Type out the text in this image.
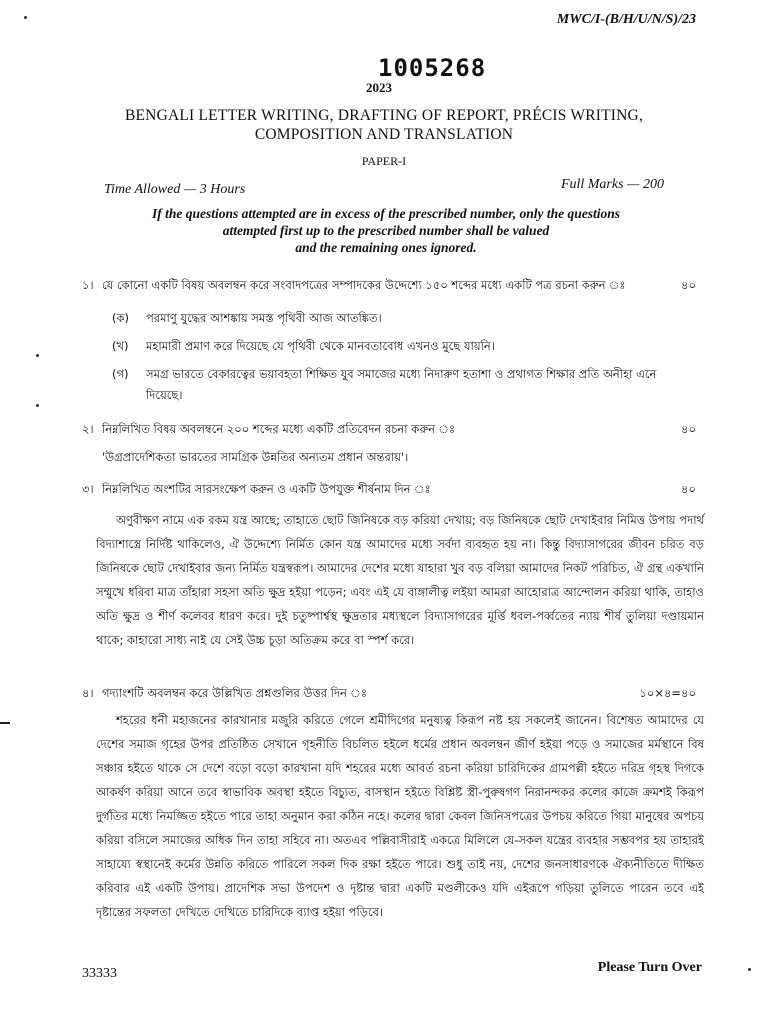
MWC/I-(B/H/U/N/S)/23
1005268
2023
BENGALI LETTER WRITING, DRAFTING OF REPORT, PRÉCIS WRITING,
COMPOSITION AND TRANSLATION
PAPER-I
Time Allowed — 3 Hours	Full Marks — 200
If the questions attempted are in excess of the prescribed number, only the questions
attempted first up to the prescribed number shall be valued
and the remaining ones ignored.
১। যে কোনো একটি বিষয় অবলম্বন করে সংবাদপত্রের সম্পাদকের উদ্দেশ্যে ১৫০ শব্দের মধ্যে একটি পত্র রচনা করুন ঃ	৪০
(ক) পরমাণু যুদ্ধের আশঙ্কায় সমস্ত পৃথিবী আজ আতঙ্কিত।
(খ) মহামারী প্রমাণ করে দিয়েছে যে পৃথিবী থেকে মানবতাবোধ এখনও মুছে যায়নি।
(গ) সমগ্র ভারতে বেকারত্বের ভয়াবহতা শিক্ষিত যুব সমাজের মধ্যে নিদারুণ হতাশা ও প্রথাগত শিক্ষার প্রতি অনীহা এনে
দিয়েছে।
২। নিম্নলিখিত বিষয় অবলম্বনে ২০০ শব্দের মধ্যে একটি প্রতিবেদন রচনা করুন ঃ	৪০
'উগ্রপ্রাদেশিকতা ভারতের সামগ্রিক উন্নতির অন্যতম প্রধান অন্তরায়'।
৩। নিম্নলিখিত অংশটির সারসংক্ষেপ করুন ও একটি উপযুক্ত শীর্ষনাম দিন ঃ	৪০
অণুবীক্ষণ নামে এক রকম যন্ত্র আছে; তাহাতে ছোট জিনিষকে বড় করিয়া দেখায়; বড় জিনিষকে ছোট দেখাইবার নিমিত্ত উপায় পদার্থ বিদ্যাশাস্ত্রে নির্দিষ্ট থাকিলেও, ঐ উদ্দেশ্যে নির্মিত কোন যন্ত্র আমাদের মধ্যে সর্বদা ব্যবহৃত হয় না। কিন্তু বিদ্যাসাগরের জীবন চরিত বড় জিনিষকে ছোট দেখাইবার জন্য নির্মিত যন্ত্রস্বরূপ। আমাদের দেশের মধ্যে যাহারা খুব বড় বলিয়া আমাদের নিকট পরিচিত, ঐ গ্রন্থ একখানি সম্মুখে ধরিবা মাত্র তাঁহারা সহসা অতি ক্ষুদ্র হইয়া পড়েন; এবং এই যে বাঙ্গালীত্ব লইয়া আমরা আহোরাত্র আন্দোলন করিয়া থাকি, তাহাও অতি ক্ষুদ্র ও শীর্ণ কলেবর ধারণ করে। দুই চতুষ্পার্শ্বস্থ ক্ষুদ্রতার মধ্যস্থলে বিদ্যাসাগরের মূর্ত্তি ধবল-পর্ব্বতের ন্যায় শীর্ষ তুলিয়া দণ্ডায়মান থাকে; কাহারো সাধ্য নাই যে সেই উচ্চ চূড়া অতিক্রম করে বা স্পর্শ করে।
৪। গদ্যাংশটি অবলম্বন করে উল্লিখিত প্রশ্নগুলির উত্তর দিন ঃ	১০×৪=৪০
শহরের ধনী মহাজনের কারখানার মজুরি করিতে গেলে শ্রমীদিগের মনুষ্যত্ব কিরূপ নষ্ট হয় সকলেই জানেন। বিশেষত আমাদের যে দেশের সমাজ গৃহের উপর প্রতিষ্ঠিত সেখানে গৃহনীতি বিচলিত হইলে ধর্মের প্রধান অবলম্বন জীর্ণ হইয়া পড়ে ও সমাজের মর্মস্থানে বিষ সঞ্চার হইতে থাকে সে দেশে বড়ো বড়ো কারখানা যদি শহরের মধ্যে আবর্ত রচনা করিয়া চারিদিকের গ্রামপল্লী হইতে দরিদ্র গৃহস্থ দিগকে আকর্ষণ করিয়া আনে তবে স্বাভাবিক অবস্থা হইতে বিচ্যুত, বাসস্থান হইতে বিশ্লিষ্ট স্ত্রী-পুরুষগণ নিরানন্দকর কলের কাজে ক্রমশই কিরূপ দুর্গতির মধ্যে নিমজ্জিত হইতে পারে তাহা অনুমান করা কঠিন নহে। কলের দ্বারা কেবল জিনিসপত্রের উপচয় করিতে গিয়া মানুষের অপচয় করিয়া বসিলে সমাজের অধিক দিন তাহা সহিবে না। অতএব পল্লিবাসীরাই একত্রে মিলিলে যে-সকল যন্ত্রের ব্যবহার সম্ভবপর হয় তাহারই সাহায্যে স্বস্থানেই কর্মের উন্নতি করিতে পারিলে সকল দিক রক্ষা হইতে পারে। শুধু তাই নয়, দেশের জনসাধারণকে ঐক্যনীতিতে দীক্ষিত করিবার এই একটি উপায়। প্রাদেশিক সভা উপদেশ ও দৃষ্টান্ত দ্বারা একটি মণ্ডলীকেও যদি এইরূপে গড়িয়া তুলিতে পারেন তবে এই দৃষ্টান্তের সফলতা দেখিতে দেখিতে চারিদিকে ব্যাপ্ত হইয়া পড়িবে।
33333	Please Turn Over
